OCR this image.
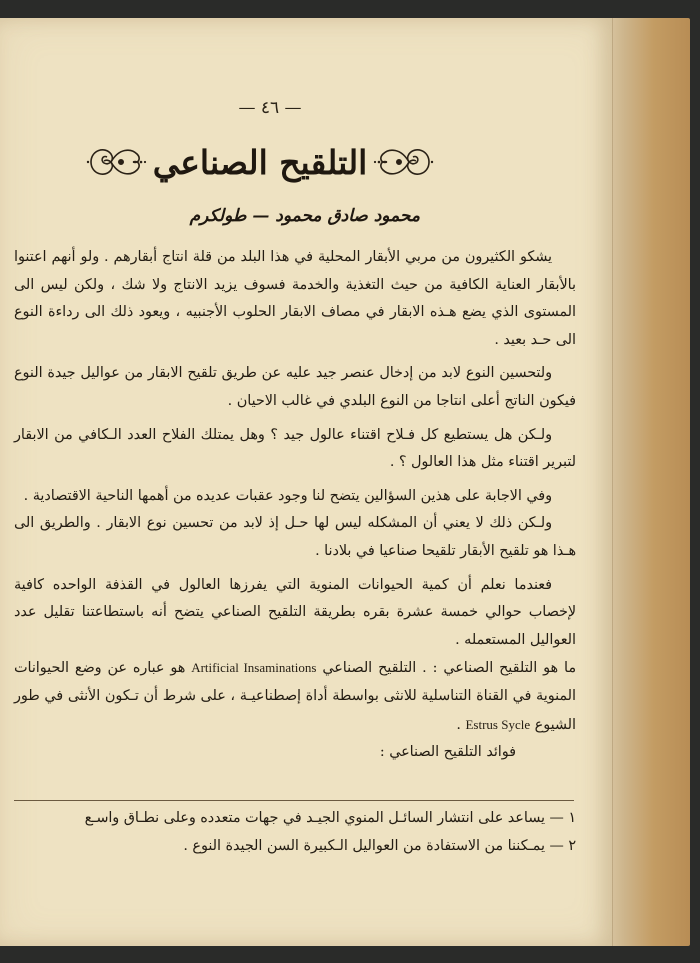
— ٤٦ —
التلقيح الصناعي
محمود صادق محمود — طولكرم

يشكو الكثيرون من مربي الأبقار المحلية في هذا البلد من قلة انتاج أبقارهم . ولو أنهم اعتنوا بالأبقار العناية الكافية من حيث التغذية والخدمة فسوف يزيد الانتاج ولا شك ، ولكن ليس الى المستوى الذي يضع هـذه الابقار في مصاف الابقار الحلوب الأجنبيه ، ويعود ذلك الى رداءة النوع الى حـد بعيد .

ولتحسين النوع لابد من إدخال عنصر جيد عليه عن طريق تلقيح الابقار من عواليل جيدة النوع فيكون الناتج أعلى انتاجا من النوع البلدي في غالب الاحيان .

ولـكن هل يستطيع كل فـلاح اقتناء عالول جيد ؟ وهل يمتلك الفلاح العدد الـكافي من الابقار لتبرير اقتناء مثل هذا العالول ؟ .

وفي الاجابة على هذين السؤالين يتضح لنا وجود عقبات عديده من أهمها الناحية الاقتصادية .

ولـكن ذلك لا يعني أن المشكله ليس لها حـل إذ لابد من تحسين نوع الابقار . والطريق الى هـذا هو تلقيح الأبقار تلقيحا صناعيا في بلادنا .

فعندما نعلم أن كمية الحيوانات المنوية التي يفرزها العالول في القذفة الواحده كافية لإخصاب حوالي خمسة عشرة بقره بطريقة التلقيح الصناعي يتضح أنه باستطاعتنا تقليل عدد العواليل المستعمله .

ما هو التلقيح الصناعي : . التلقيح الصناعي Artificial Insaminations هو عباره عن وضع الحيوانات المنوية في القناة التناسلية للانثى بواسطة أداة إصطناعيـة ، على شرط أن تـكون الأنثى في طور الشيوع Estrus Sycle .

فوائد التلقيح الصناعي :

١ — يساعد على انتشار السائـل المنوي الجيـد في جهات متعدده وعلى نطـاق واسـع

٢ — يمـكننا من الاستفادة من العواليل الـكبيرة السن الجيدة النوع .
